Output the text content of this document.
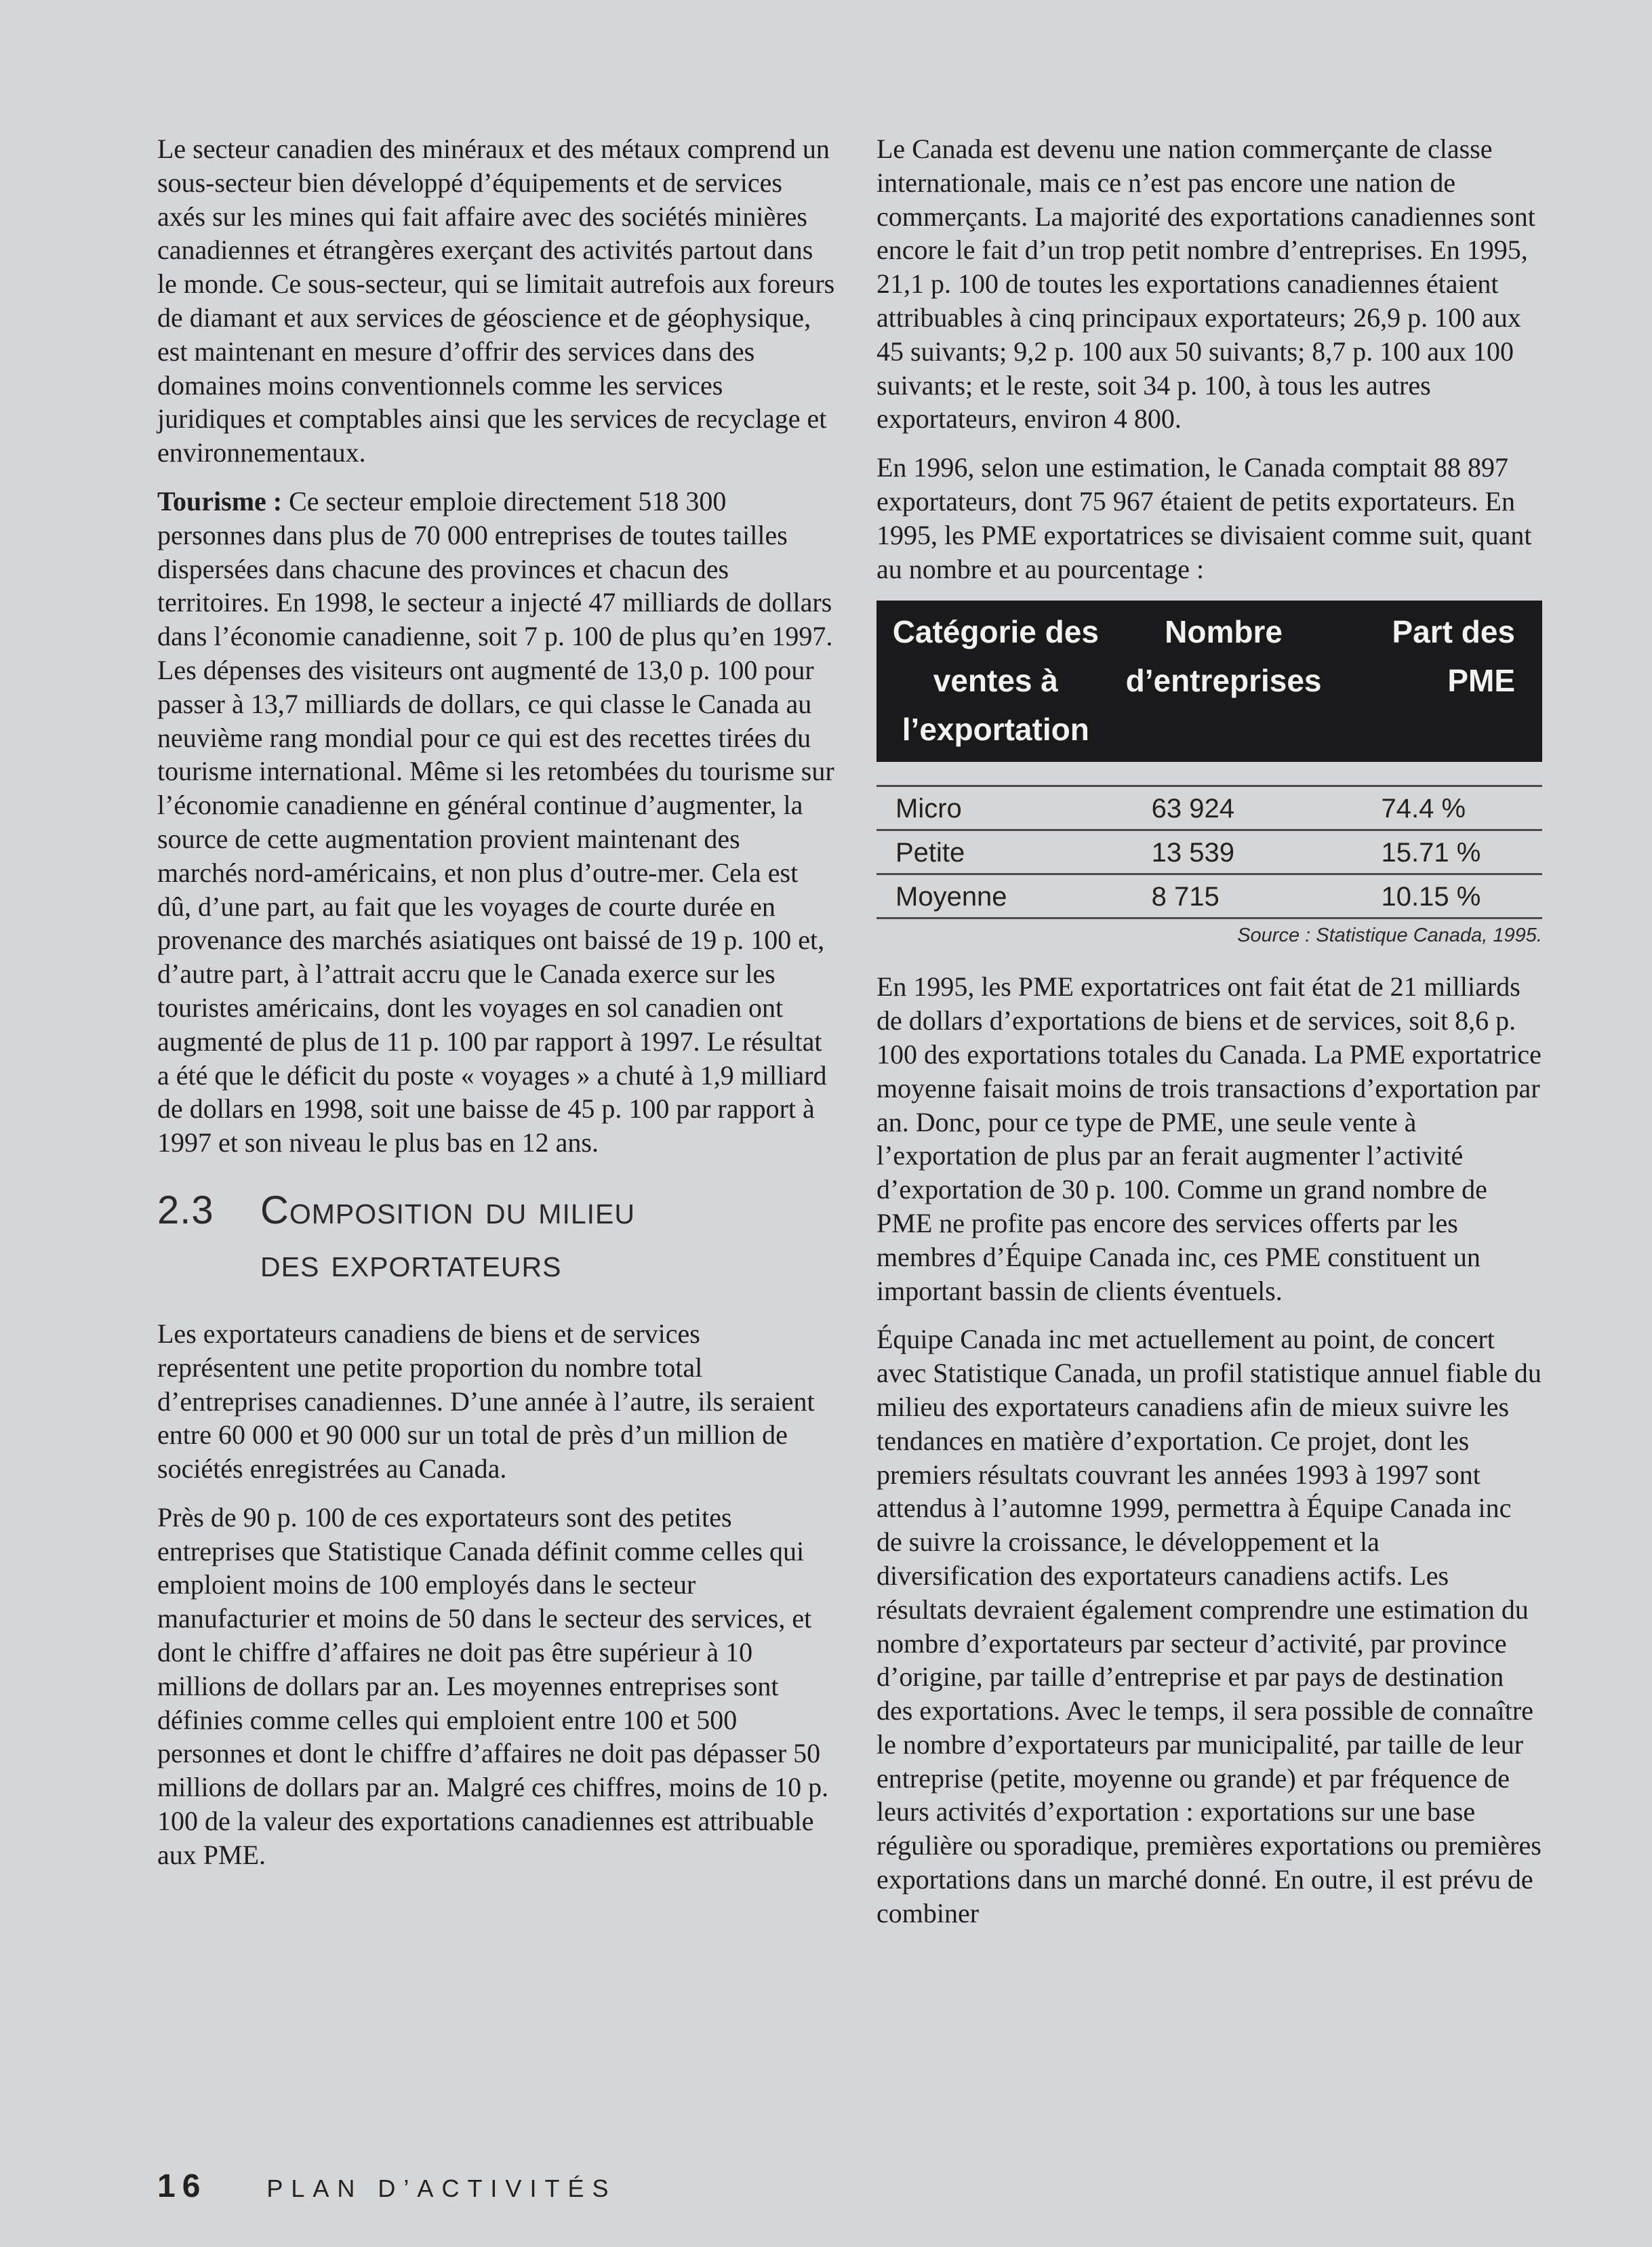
Le secteur canadien des minéraux et des métaux comprend un sous-secteur bien développé d’équipements et de services axés sur les mines qui fait affaire avec des sociétés minières canadiennes et étrangères exerçant des activités partout dans le monde. Ce sous-secteur, qui se limitait autrefois aux foreurs de diamant et aux services de géoscience et de géophysique, est maintenant en mesure d’offrir des services dans des domaines moins conventionnels comme les services juridiques et comptables ainsi que les services de recyclage et environnementaux.

Tourisme : Ce secteur emploie directement 518 300 personnes dans plus de 70 000 entreprises de toutes tailles dispersées dans chacune des provinces et chacun des territoires. En 1998, le secteur a injecté 47 milliards de dollars dans l’économie canadienne, soit 7 p. 100 de plus qu’en 1997. Les dépenses des visiteurs ont augmenté de 13,0 p. 100 pour passer à 13,7 milliards de dollars, ce qui classe le Canada au neuvième rang mondial pour ce qui est des recettes tirées du tourisme international. Même si les retombées du tourisme sur l’économie canadienne en général continue d’augmenter, la source de cette augmentation provient maintenant des marchés nord-américains, et non plus d’outre-mer. Cela est dû, d’une part, au fait que les voyages de courte durée en provenance des marchés asiatiques ont baissé de 19 p. 100 et, d’autre part, à l’attrait accru que le Canada exerce sur les touristes américains, dont les voyages en sol canadien ont augmenté de plus de 11 p. 100 par rapport à 1997. Le résultat a été que le déficit du poste « voyages » a chuté à 1,9 milliard de dollars en 1998, soit une baisse de 45 p. 100 par rapport à 1997 et son niveau le plus bas en 12 ans.

2.3 Composition du milieu
des exportateurs

Les exportateurs canadiens de biens et de services représentent une petite proportion du nombre total d’entreprises canadiennes. D’une année à l’autre, ils seraient entre 60 000 et 90 000 sur un total de près d’un million de sociétés enregistrées au Canada.

Près de 90 p. 100 de ces exportateurs sont des petites entreprises que Statistique Canada définit comme celles qui emploient moins de 100 employés dans le secteur manufacturier et moins de 50 dans le secteur des services, et dont le chiffre d’affaires ne doit pas être supérieur à 10 millions de dollars par an. Les moyennes entreprises sont définies comme celles qui emploient entre 100 et 500 personnes et dont le chiffre d’affaires ne doit pas dépasser 50 millions de dollars par an. Malgré ces chiffres, moins de 10 p. 100 de la valeur des exportations canadiennes est attribuable aux PME.

Le Canada est devenu une nation commerçante de classe internationale, mais ce n’est pas encore une nation de commerçants. La majorité des exportations canadiennes sont encore le fait d’un trop petit nombre d’entreprises. En 1995, 21,1 p. 100 de toutes les exportations canadiennes étaient attribuables à cinq principaux exportateurs; 26,9 p. 100 aux 45 suivants; 9,2 p. 100 aux 50 suivants; 8,7 p. 100 aux 100 suivants; et le reste, soit 34 p. 100, à tous les autres exportateurs, environ 4 800.

En 1996, selon une estimation, le Canada comptait 88 897 exportateurs, dont 75 967 étaient de petits exportateurs. En 1995, les PME exportatrices se divisaient comme suit, quant au nombre et au pourcentage :

Catégorie des ventes à l’exportation	Nombre d’entreprises	Part des PME

Micro	63 924	74.4 %
Petite	13 539	15.71 %
Moyenne	8 715	10.15 %
Source : Statistique Canada, 1995.

En 1995, les PME exportatrices ont fait état de 21 milliards de dollars d’exportations de biens et de services, soit 8,6 p. 100 des exportations totales du Canada. La PME exportatrice moyenne faisait moins de trois transactions d’exportation par an. Donc, pour ce type de PME, une seule vente à l’exportation de plus par an ferait augmenter l’activité d’exportation de 30 p. 100. Comme un grand nombre de PME ne profite pas encore des services offerts par les membres d’Équipe Canada inc, ces PME constituent un important bassin de clients éventuels.

Équipe Canada inc met actuellement au point, de concert avec Statistique Canada, un profil statistique annuel fiable du milieu des exportateurs canadiens afin de mieux suivre les tendances en matière d’exportation. Ce projet, dont les premiers résultats couvrant les années 1993 à 1997 sont attendus à l’automne 1999, permettra à Équipe Canada inc de suivre la croissance, le développement et la diversification des exportateurs canadiens actifs. Les résultats devraient également comprendre une estimation du nombre d’exportateurs par secteur d’activité, par province d’origine, par taille d’entreprise et par pays de destination des exportations. Avec le temps, il sera possible de connaître le nombre d’exportateurs par municipalité, par taille de leur entreprise (petite, moyenne ou grande) et par fréquence de leurs activités d’exportation : exportations sur une base régulière ou sporadique, premières exportations ou premières exportations dans un marché donné. En outre, il est prévu de combiner

16 PLAN D’ACTIVITÉS
